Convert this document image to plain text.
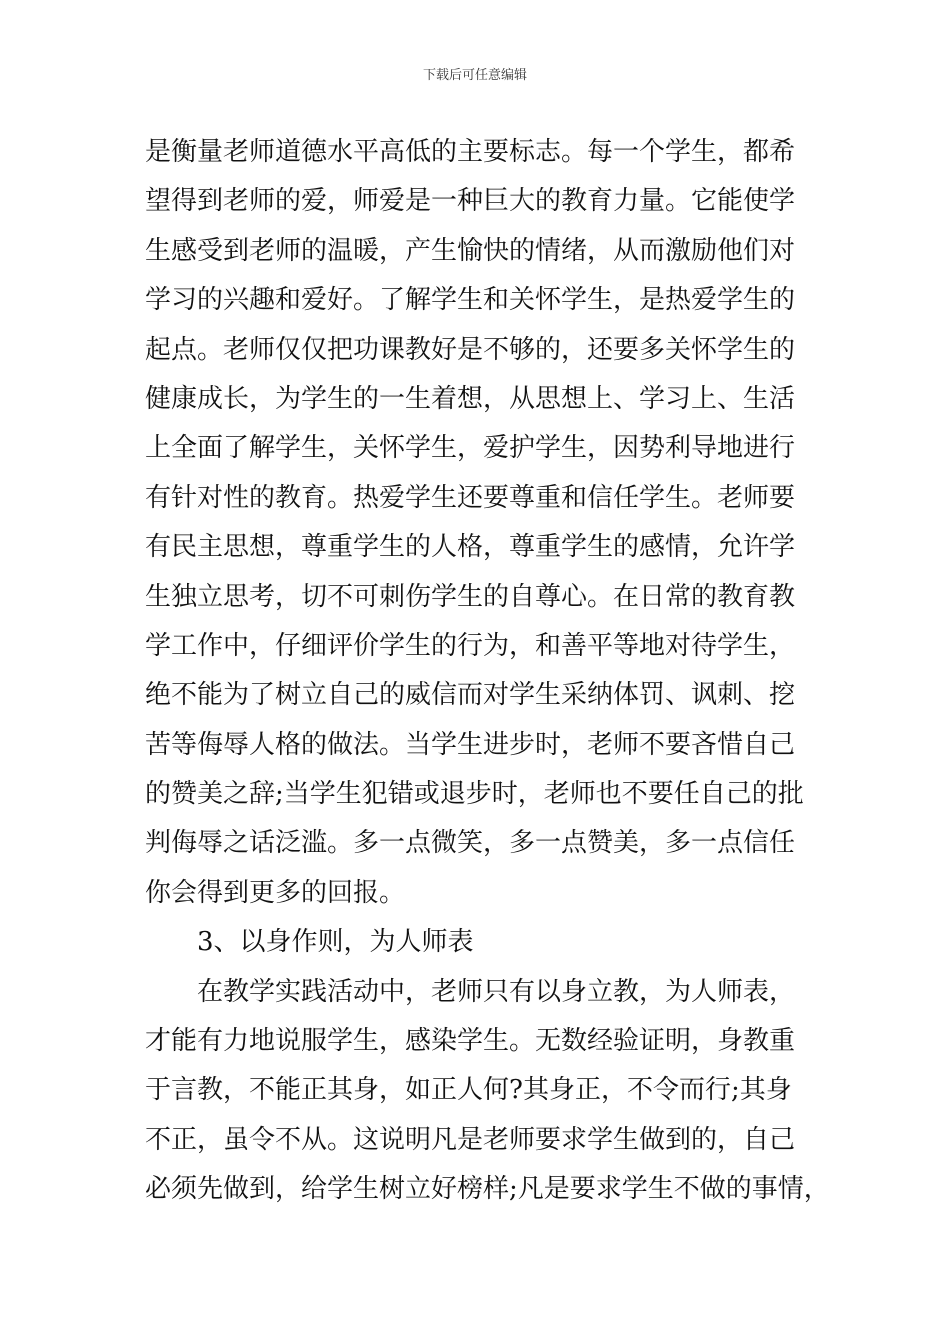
下载后可任意编辑
是衡量老师道德水平高低的主要标志。每一个学生，都希
望得到老师的爱，师爱是一种巨大的教育力量。它能使学
生感受到老师的温暖，产生愉快的情绪，从而激励他们对
学习的兴趣和爱好。了解学生和关怀学生，是热爱学生的
起点。老师仅仅把功课教好是不够的，还要多关怀学生的
健康成长，为学生的一生着想，从思想上、学习上、生活
上全面了解学生，关怀学生，爱护学生，因势利导地进行
有针对性的教育。热爱学生还要尊重和信任学生。老师要
有民主思想，尊重学生的人格，尊重学生的感情，允许学
生独立思考，切不可刺伤学生的自尊心。在日常的教育教
学工作中，仔细评价学生的行为，和善平等地对待学生，
绝不能为了树立自己的威信而对学生采纳体罚、讽刺、挖
苦等侮辱人格的做法。当学生进步时，老师不要吝惜自己
的赞美之辞;当学生犯错或退步时，老师也不要任自己的批
判侮辱之话泛滥。多一点微笑，多一点赞美，多一点信任
你会得到更多的回报。
3、以身作则，为人师表
在教学实践活动中，老师只有以身立教，为人师表，
才能有力地说服学生，感染学生。无数经验证明，身教重
于言教，不能正其身，如正人何?其身正，不令而行;其身
不正，虽令不从。这说明凡是老师要求学生做到的，自己
必须先做到，给学生树立好榜样;凡是要求学生不做的事情，
